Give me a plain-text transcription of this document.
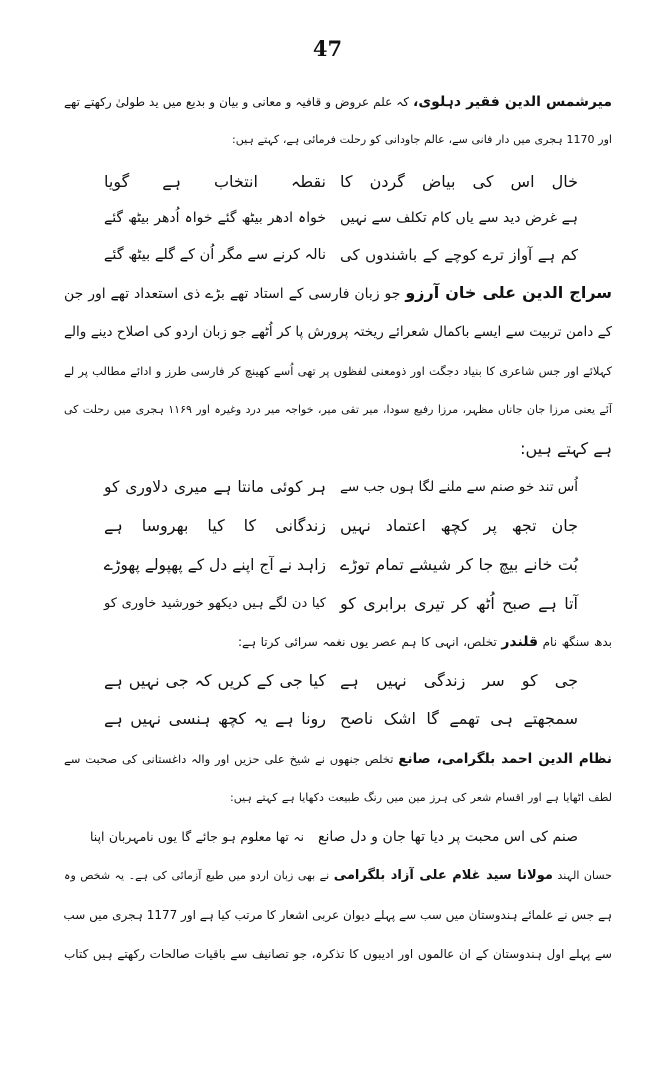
47
میرشمس الدین فقیر دہلوی، کہ علم عروض و قافیہ و معانی و بیان و بدیع میں ید طولیٰ رکھتے تھے
اور 1170 ہجری میں دار فانی سے، عالم جاودانی کو رحلت فرمائی ہے، کہتے ہیں:
خال اس کی بیاض گردن کا
نقطہ انتخاب ہے گویا
ہے غرض دید سے یاں کام تکلف سے نہیں
خواہ ادھر بیٹھ گئے خواہ اُدھر بیٹھ گئے
کم ہے آواز ترے کوچے کے باشندوں کی
نالہ کرنے سے مگر اُن کے گلے بیٹھ گئے
سراج الدین علی خان آرزو جو زبان فارسی کے استاد تھے بڑے ذی استعداد تھے اور جن
کے دامن تربیت سے ایسے باکمال شعرائے ریختہ پرورش پا کر اُٹھے جو زبان اردو کی اصلاح دینے والے
کہلائے اور جس شاعری کا بنیاد دجگت اور ذومعنی لفظوں پر تھی اُسے کھینچ کر فارسی طرز و ادائے مطالب پر لے
آئے یعنی مرزا جان جاناں مظہر، مرزا رفیع سودا، میر تقی میر، خواجہ میر درد وغیرہ اور ۱۱۶۹ ہجری میں رحلت کی
ہے کہتے ہیں:
اُس تند خو صنم سے ملنے لگا ہوں جب سے
ہر کوئی مانتا ہے میری دلاوری کو
جان تجھ پر کچھ اعتماد نہیں
زندگانی کا کیا بھروسا ہے
بُت خانے بیچ جا کر شیشے تمام توڑے
زاہد نے آج اپنے دل کے پھپولے پھوڑے
آتا ہے صبح اُٹھ کر تیری برابری کو
کیا دن لگے ہیں دیکھو خورشید خاوری کو
بدھ سنگھ نام قلندر تخلص، انہی کا ہم عصر یوں نغمہ سرائی کرتا ہے:
جی کو سر زندگی نہیں ہے
کیا جی کے کریں کہ جی نہیں ہے
سمجھتے ہی تھمے گا اشک ناصح
رونا ہے یہ کچھ ہنسی نہیں ہے
نظام الدین احمد بلگرامی، صانع تخلص جنھوں نے شیخ علی حزیں اور والہ داغستانی کی صحبت سے
لطف اٹھایا ہے اور اقسام شعر کی ہرز مین میں رنگ طبیعت دکھایا ہے کہتے ہیں:
صنم کی اس محبت پر دیا تھا جان و دل صانع
نہ تھا معلوم ہو جائے گا یوں نامہربان اپنا
حسان الہند مولانا سید غلام علی آزاد بلگرامی نے بھی زبان اردو میں طبع آزمائی کی ہے۔ یہ شخص وہ
ہے جس نے علمائے ہندوستان میں سب سے پہلے دیوان عربی اشعار کا مرتب کیا ہے اور 1177 ہجری میں سب
سے پہلے اول ہندوستان کے ان عالموں اور ادیبوں کا تذکرہ، جو تصانیف سے باقیات صالحات رکھتے ہیں کتاب
